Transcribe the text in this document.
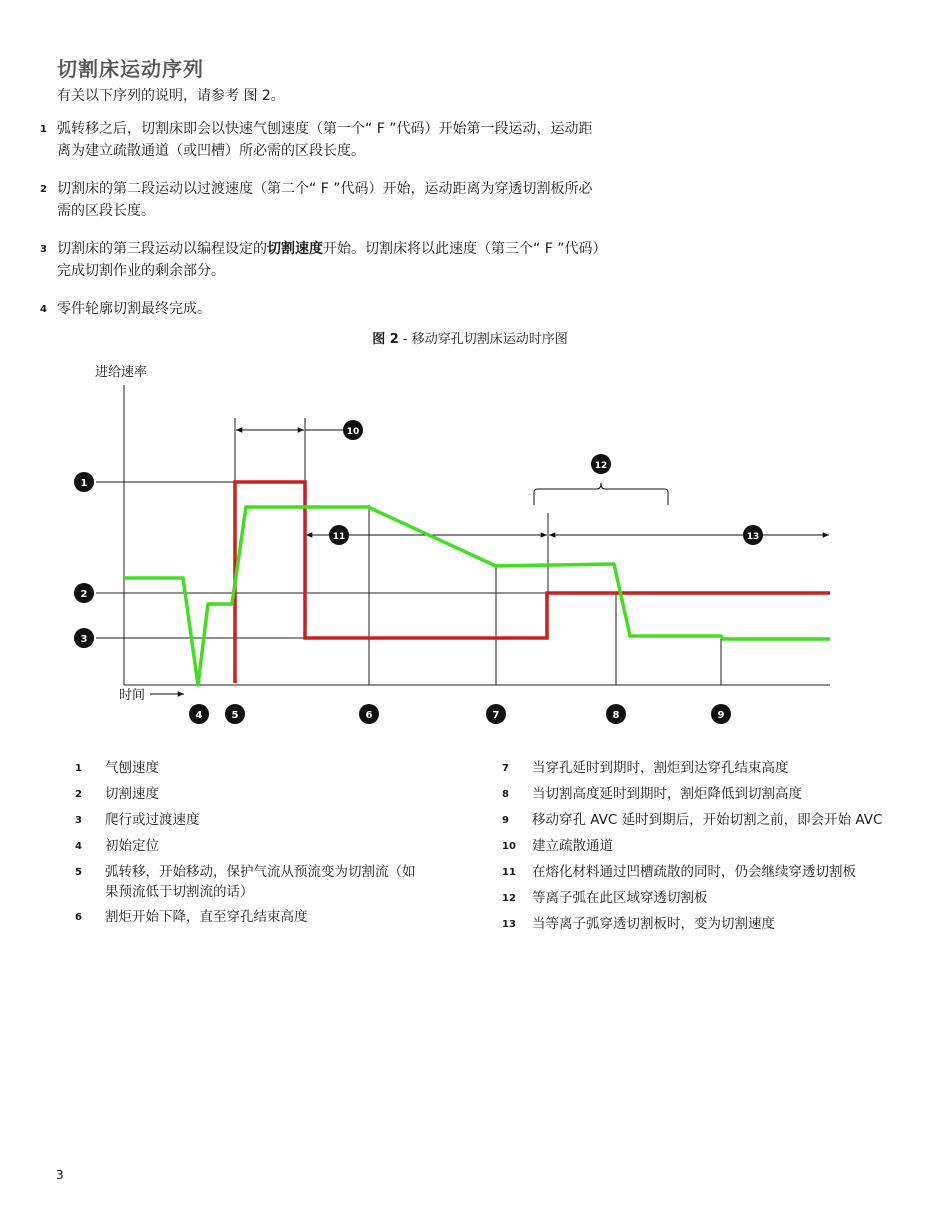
切割床运动序列
有关以下序列的说明，请参考 图 2。
1 弧转移之后，切割床即会以快速气刨速度（第一个“ F ”代码）开始第一段运动，运动距离为建立疏散通道（或凹槽）所必需的区段长度。
2 切割床的第二段运动以过渡速度（第二个“ F ”代码）开始，运动距离为穿透切割板所必需的区段长度。
3 切割床的第三段运动以编程设定的切割速度开始。切割床将以此速度（第三个“ F ”代码）完成切割作业的剩余部分。
4 零件轮廓切割最终完成。
图 2 - 移动穿孔切割床运动时序图
进给速率
时间
1
2
3
4	5	6	7	8	9
10
11
12
13
1	气刨速度
2	切割速度
3	爬行或过渡速度
4	初始定位
5	弧转移，开始移动，保护气流从预流变为切割流（如果预流低于切割流的话）
6	割炬开始下降，直至穿孔结束高度
7	当穿孔延时到期时，割炬到达穿孔结束高度
8	当切割高度延时到期时，割炬降低到切割高度
9	移动穿孔 AVC 延时到期后，开始切割之前，即会开始 AVC
10	建立疏散通道
11	在熔化材料通过凹槽疏散的同时，仍会继续穿透切割板
12	等离子弧在此区域穿透切割板
13	当等离子弧穿透切割板时，变为切割速度
3
